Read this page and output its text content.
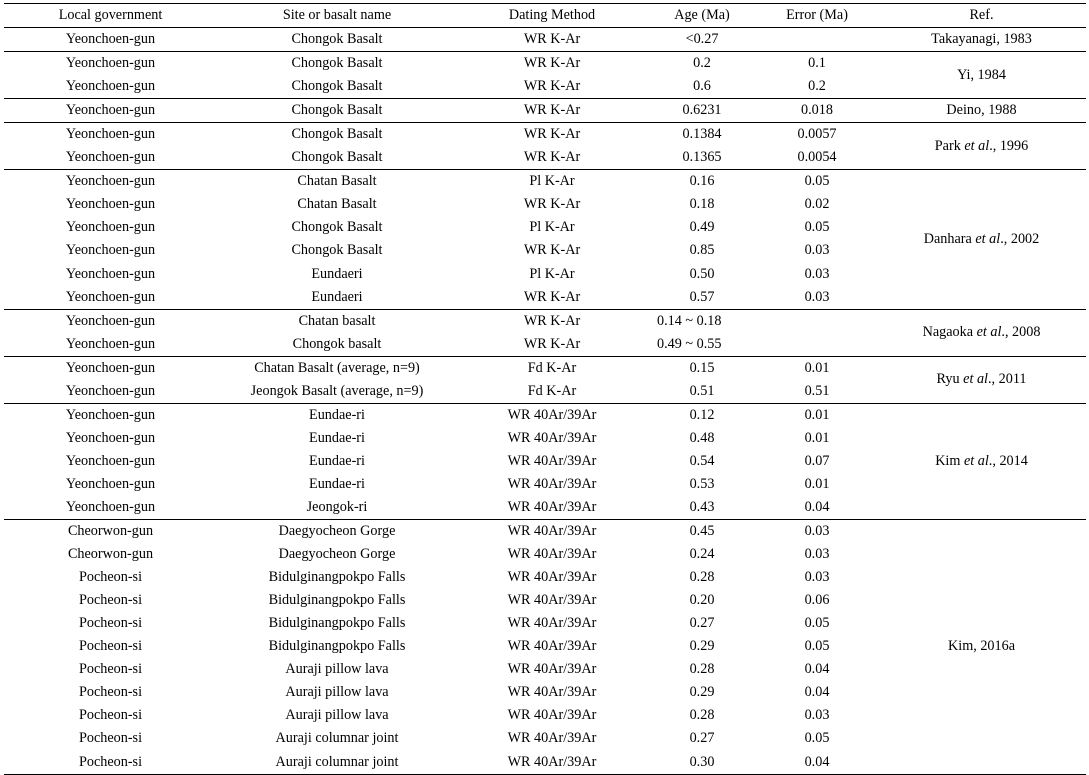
Local government	Site or basalt name	Dating Method	Age (Ma)	Error (Ma)	Ref.
Yeonchoen-gun	Chongok Basalt	WR K-Ar	<0.27		Takayanagi, 1983
Yeonchoen-gun	Chongok Basalt	WR K-Ar	0.2	0.1	Yi, 1984
Yeonchoen-gun	Chongok Basalt	WR K-Ar	0.6	0.2	
Yeonchoen-gun	Chongok Basalt	WR K-Ar	0.6231	0.018	Deino, 1988
Yeonchoen-gun	Chongok Basalt	WR K-Ar	0.1384	0.0057	Park et al., 1996
Yeonchoen-gun	Chongok Basalt	WR K-Ar	0.1365	0.0054	
Yeonchoen-gun	Chatan Basalt	Pl K-Ar	0.16	0.05	Danhara et al., 2002
Yeonchoen-gun	Chatan Basalt	WR K-Ar	0.18	0.02	
Yeonchoen-gun	Chongok Basalt	Pl K-Ar	0.49	0.05	
Yeonchoen-gun	Chongok Basalt	WR K-Ar	0.85	0.03	
Yeonchoen-gun	Eundaeri	Pl K-Ar	0.50	0.03	
Yeonchoen-gun	Eundaeri	WR K-Ar	0.57	0.03	
Yeonchoen-gun	Chatan basalt	WR K-Ar	0.14 ~ 0.18		Nagaoka et al., 2008
Yeonchoen-gun	Chongok basalt	WR K-Ar	0.49 ~ 0.55		
Yeonchoen-gun	Chatan Basalt (average, n=9)	Fd K-Ar	0.15	0.01	Ryu et al., 2011
Yeonchoen-gun	Jeongok Basalt (average, n=9)	Fd K-Ar	0.51	0.51	
Yeonchoen-gun	Eundae-ri	WR 40Ar/39Ar	0.12	0.01	Kim et al., 2014
Yeonchoen-gun	Eundae-ri	WR 40Ar/39Ar	0.48	0.01	
Yeonchoen-gun	Eundae-ri	WR 40Ar/39Ar	0.54	0.07	
Yeonchoen-gun	Eundae-ri	WR 40Ar/39Ar	0.53	0.01	
Yeonchoen-gun	Jeongok-ri	WR 40Ar/39Ar	0.43	0.04	
Cheorwon-gun	Daegyocheon Gorge	WR 40Ar/39Ar	0.45	0.03	Kim, 2016a
Cheorwon-gun	Daegyocheon Gorge	WR 40Ar/39Ar	0.24	0.03	
Pocheon-si	Bidulginangpokpo Falls	WR 40Ar/39Ar	0.28	0.03	
Pocheon-si	Bidulginangpokpo Falls	WR 40Ar/39Ar	0.20	0.06	
Pocheon-si	Bidulginangpokpo Falls	WR 40Ar/39Ar	0.27	0.05	
Pocheon-si	Bidulginangpokpo Falls	WR 40Ar/39Ar	0.29	0.05	
Pocheon-si	Auraji pillow lava	WR 40Ar/39Ar	0.28	0.04	
Pocheon-si	Auraji pillow lava	WR 40Ar/39Ar	0.29	0.04	
Pocheon-si	Auraji pillow lava	WR 40Ar/39Ar	0.28	0.03	
Pocheon-si	Auraji columnar joint	WR 40Ar/39Ar	0.27	0.05	
Pocheon-si	Auraji columnar joint	WR 40Ar/39Ar	0.30	0.04	
